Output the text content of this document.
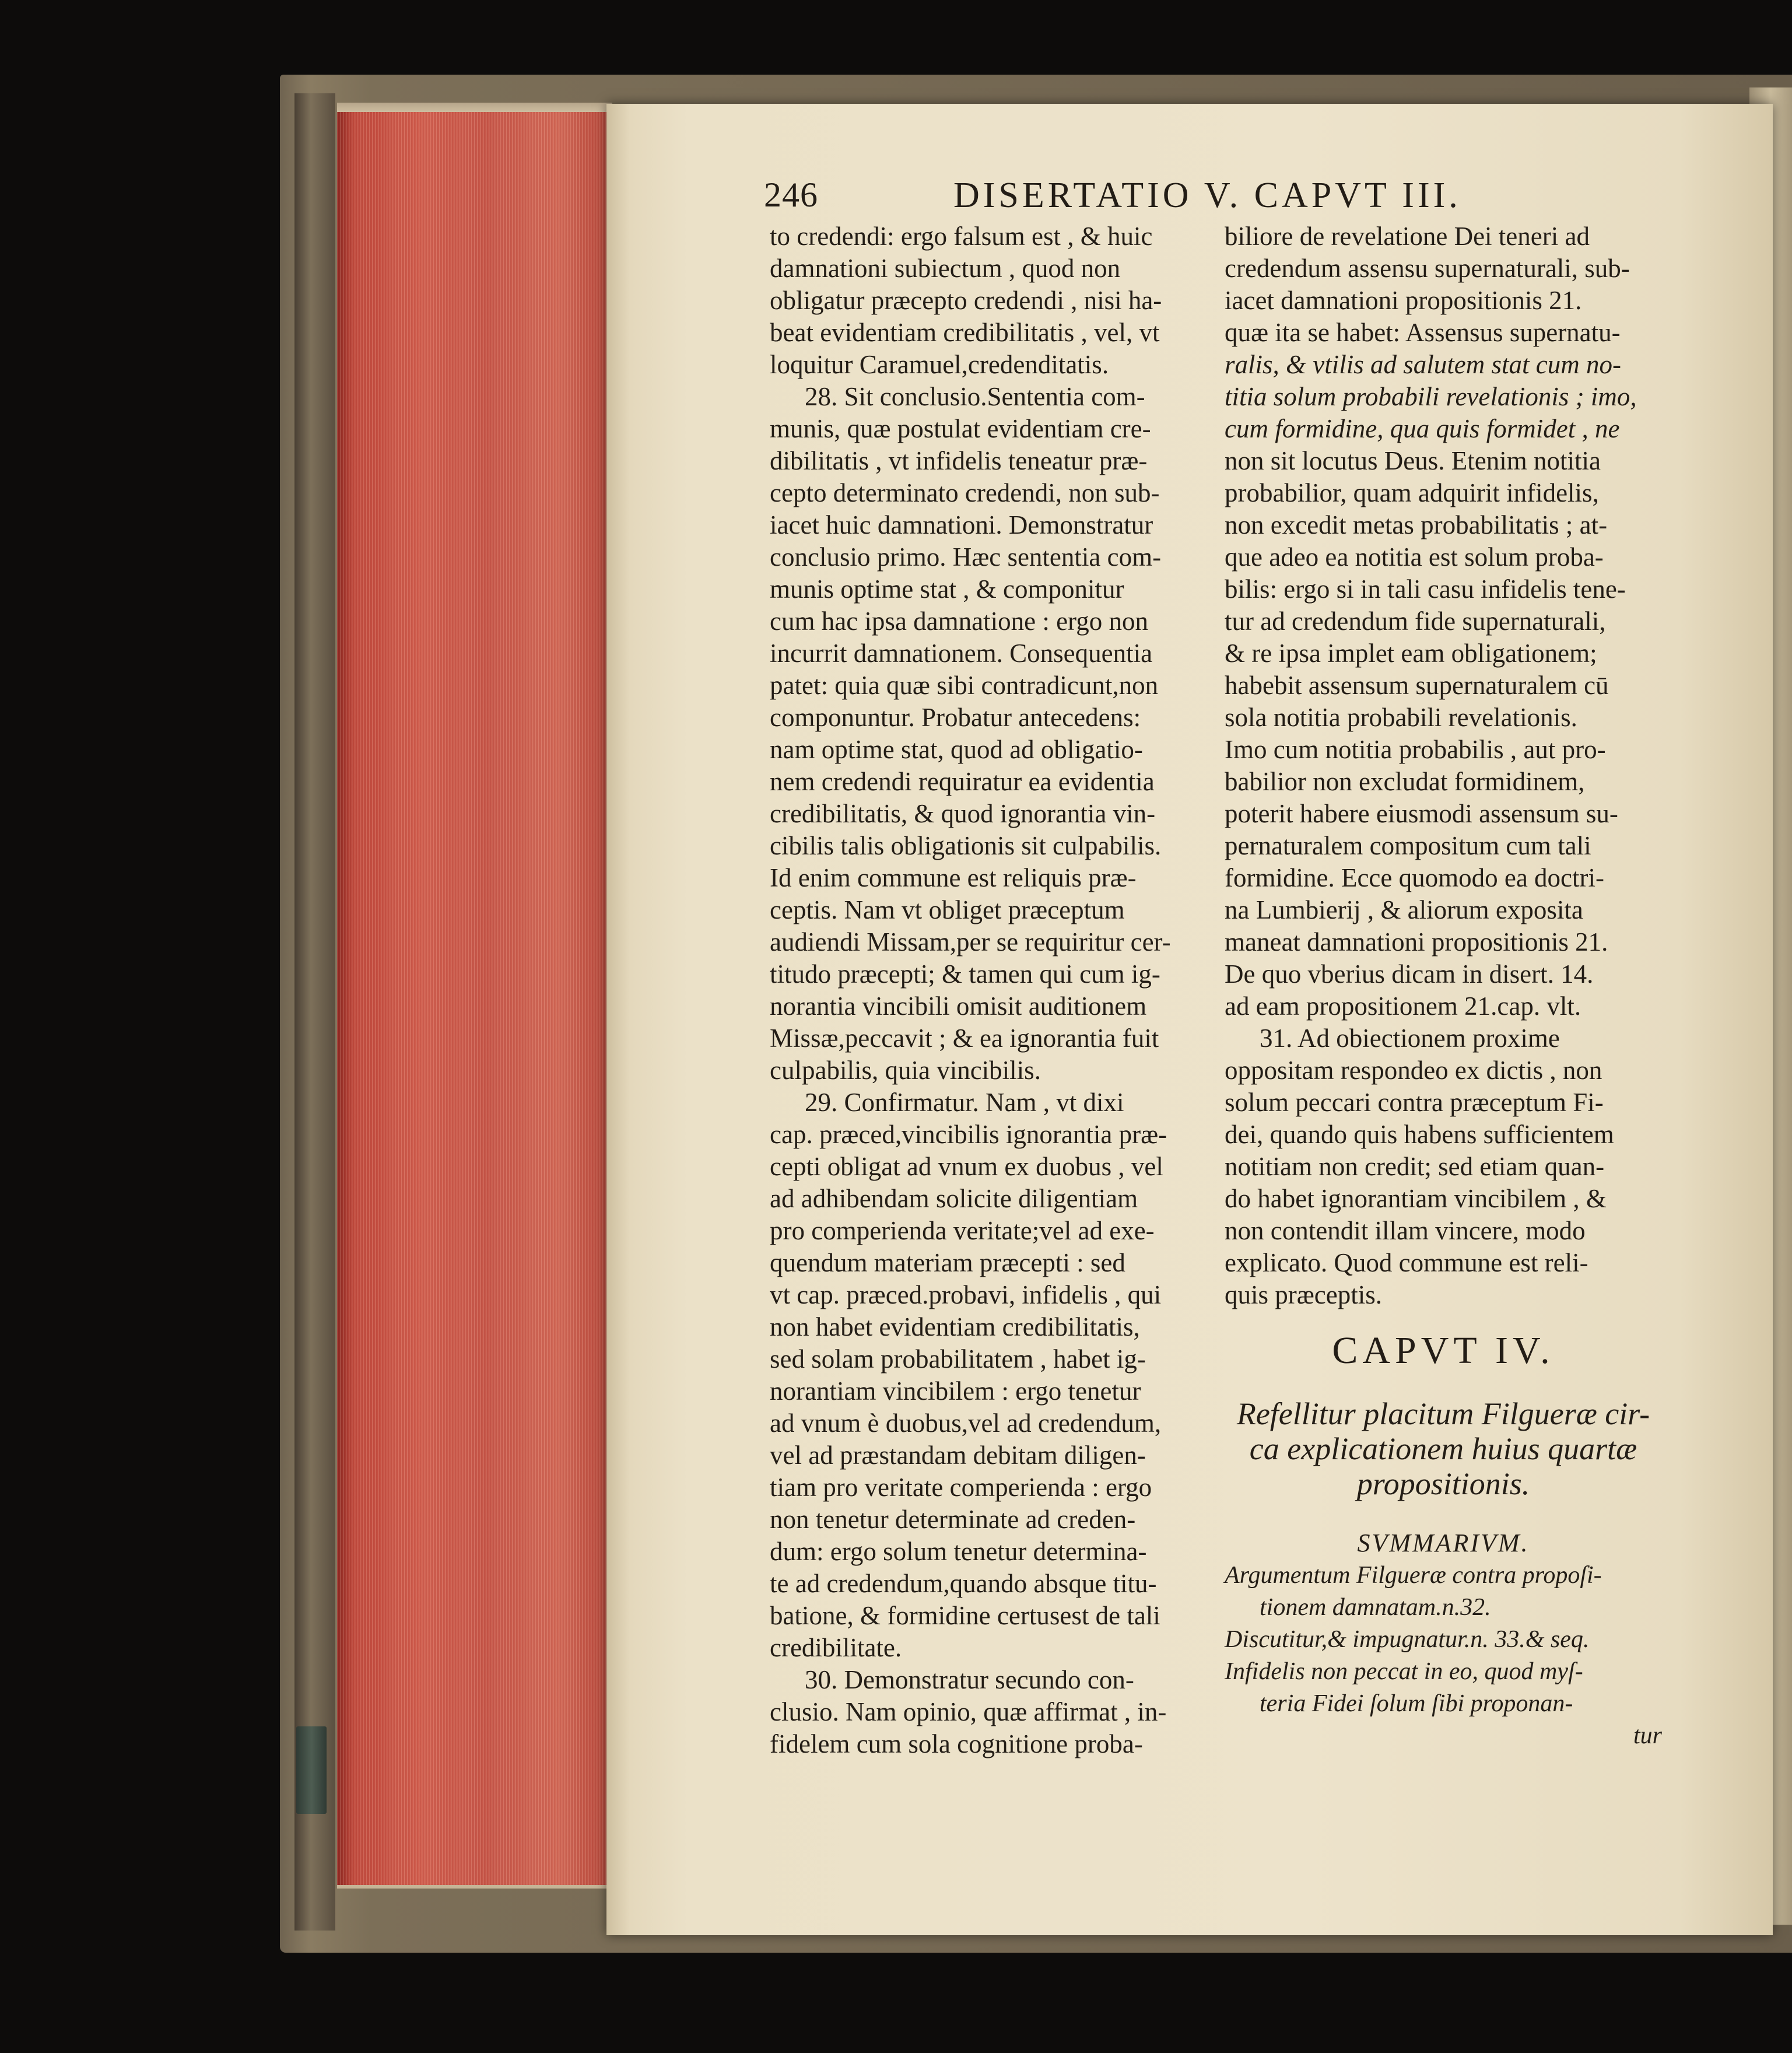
246	DISERTATIO V. CAPVT III.
to credendi: ergo falsum est , & huic
damnationi subiectum , quod non
obligatur præcepto credendi , nisi ha-
beat evidentiam credibilitatis , vel, vt
loquitur Caramuel,credenditatis.
28. Sit conclusio.Sententia com-
munis, quæ postulat evidentiam cre-
dibilitatis , vt infidelis teneatur præ-
cepto determinato credendi, non sub-
iacet huic damnationi. Demonstratur
conclusio primo. Hæc sententia com-
munis optime stat , & componitur
cum hac ipsa damnatione : ergo non
incurrit damnationem. Consequentia
patet: quia quæ sibi contradicunt,non
componuntur. Probatur antecedens:
nam optime stat, quod ad obligatio-
nem credendi requiratur ea evidentia
credibilitatis, & quod ignorantia vin-
cibilis talis obligationis sit culpabilis.
Id enim commune est reliquis præ-
ceptis. Nam vt obliget præceptum
audiendi Missam,per se requiritur cer-
titudo præcepti; & tamen qui cum ig-
norantia vincibili omisit auditionem
Missæ,peccavit ; & ea ignorantia fuit
culpabilis, quia vincibilis.
29. Confirmatur. Nam , vt dixi
cap. præced,vincibilis ignorantia præ-
cepti obligat ad vnum ex duobus , vel
ad adhibendam solicite diligentiam
pro comperienda veritate;vel ad exe-
quendum materiam præcepti : sed
vt cap. præced.probavi, infidelis , qui
non habet evidentiam credibilitatis,
sed solam probabilitatem , habet ig-
norantiam vincibilem : ergo tenetur
ad vnum è duobus,vel ad credendum,
vel ad præstandam debitam diligen-
tiam pro veritate comperienda : ergo
non tenetur determinate ad creden-
dum: ergo solum tenetur determina-
te ad credendum,quando absque titu-
batione, & formidine certusest de tali
credibilitate.
30. Demonstratur secundo con-
clusio. Nam opinio, quæ affirmat , in-
fidelem cum sola cognitione proba-
biliore de revelatione Dei teneri ad
credendum assensu supernaturali, sub-
iacet damnationi propositionis 21.
quæ ita se habet: Assensus supernatu-
ralis, & vtilis ad salutem stat cum no-
titia solum probabili revelationis ; imo,
cum formidine, qua quis formidet , ne
non sit locutus Deus. Etenim notitia
probabilior, quam adquirit infidelis,
non excedit metas probabilitatis ; at-
que adeo ea notitia est solum proba-
bilis: ergo si in tali casu infidelis tene-
tur ad credendum fide supernaturali,
& re ipsa implet eam obligationem;
habebit assensum supernaturalem cū
sola notitia probabili revelationis.
Imo cum notitia probabilis , aut pro-
babilior non excludat formidinem,
poterit habere eiusmodi assensum su-
pernaturalem compositum cum tali
formidine. Ecce quomodo ea doctri-
na Lumbierij , & aliorum exposita
maneat damnationi propositionis 21.
De quo vberius dicam in disert. 14.
ad eam propositionem 21.cap. vlt.
31. Ad obiectionem proxime
oppositam respondeo ex dictis , non
solum peccari contra præceptum Fi-
dei, quando quis habens sufficientem
notitiam non credit; sed etiam quan-
do habet ignorantiam vincibilem , &
non contendit illam vincere, modo
explicato. Quod commune est reli-
quis præceptis.
CAPVT IV.
Refellitur placitum Filgueræ cir-
ca explicationem huius quartæ
propositionis.
SVMMARIVM.
Argumentum Filgueræ contra propoſi-
tionem damnatam.n.32.
Discutitur,& impugnatur.n. 33.& seq.
Infidelis non peccat in eo, quod myſ-
teria Fidei ſolum ſibi proponan-
tur
